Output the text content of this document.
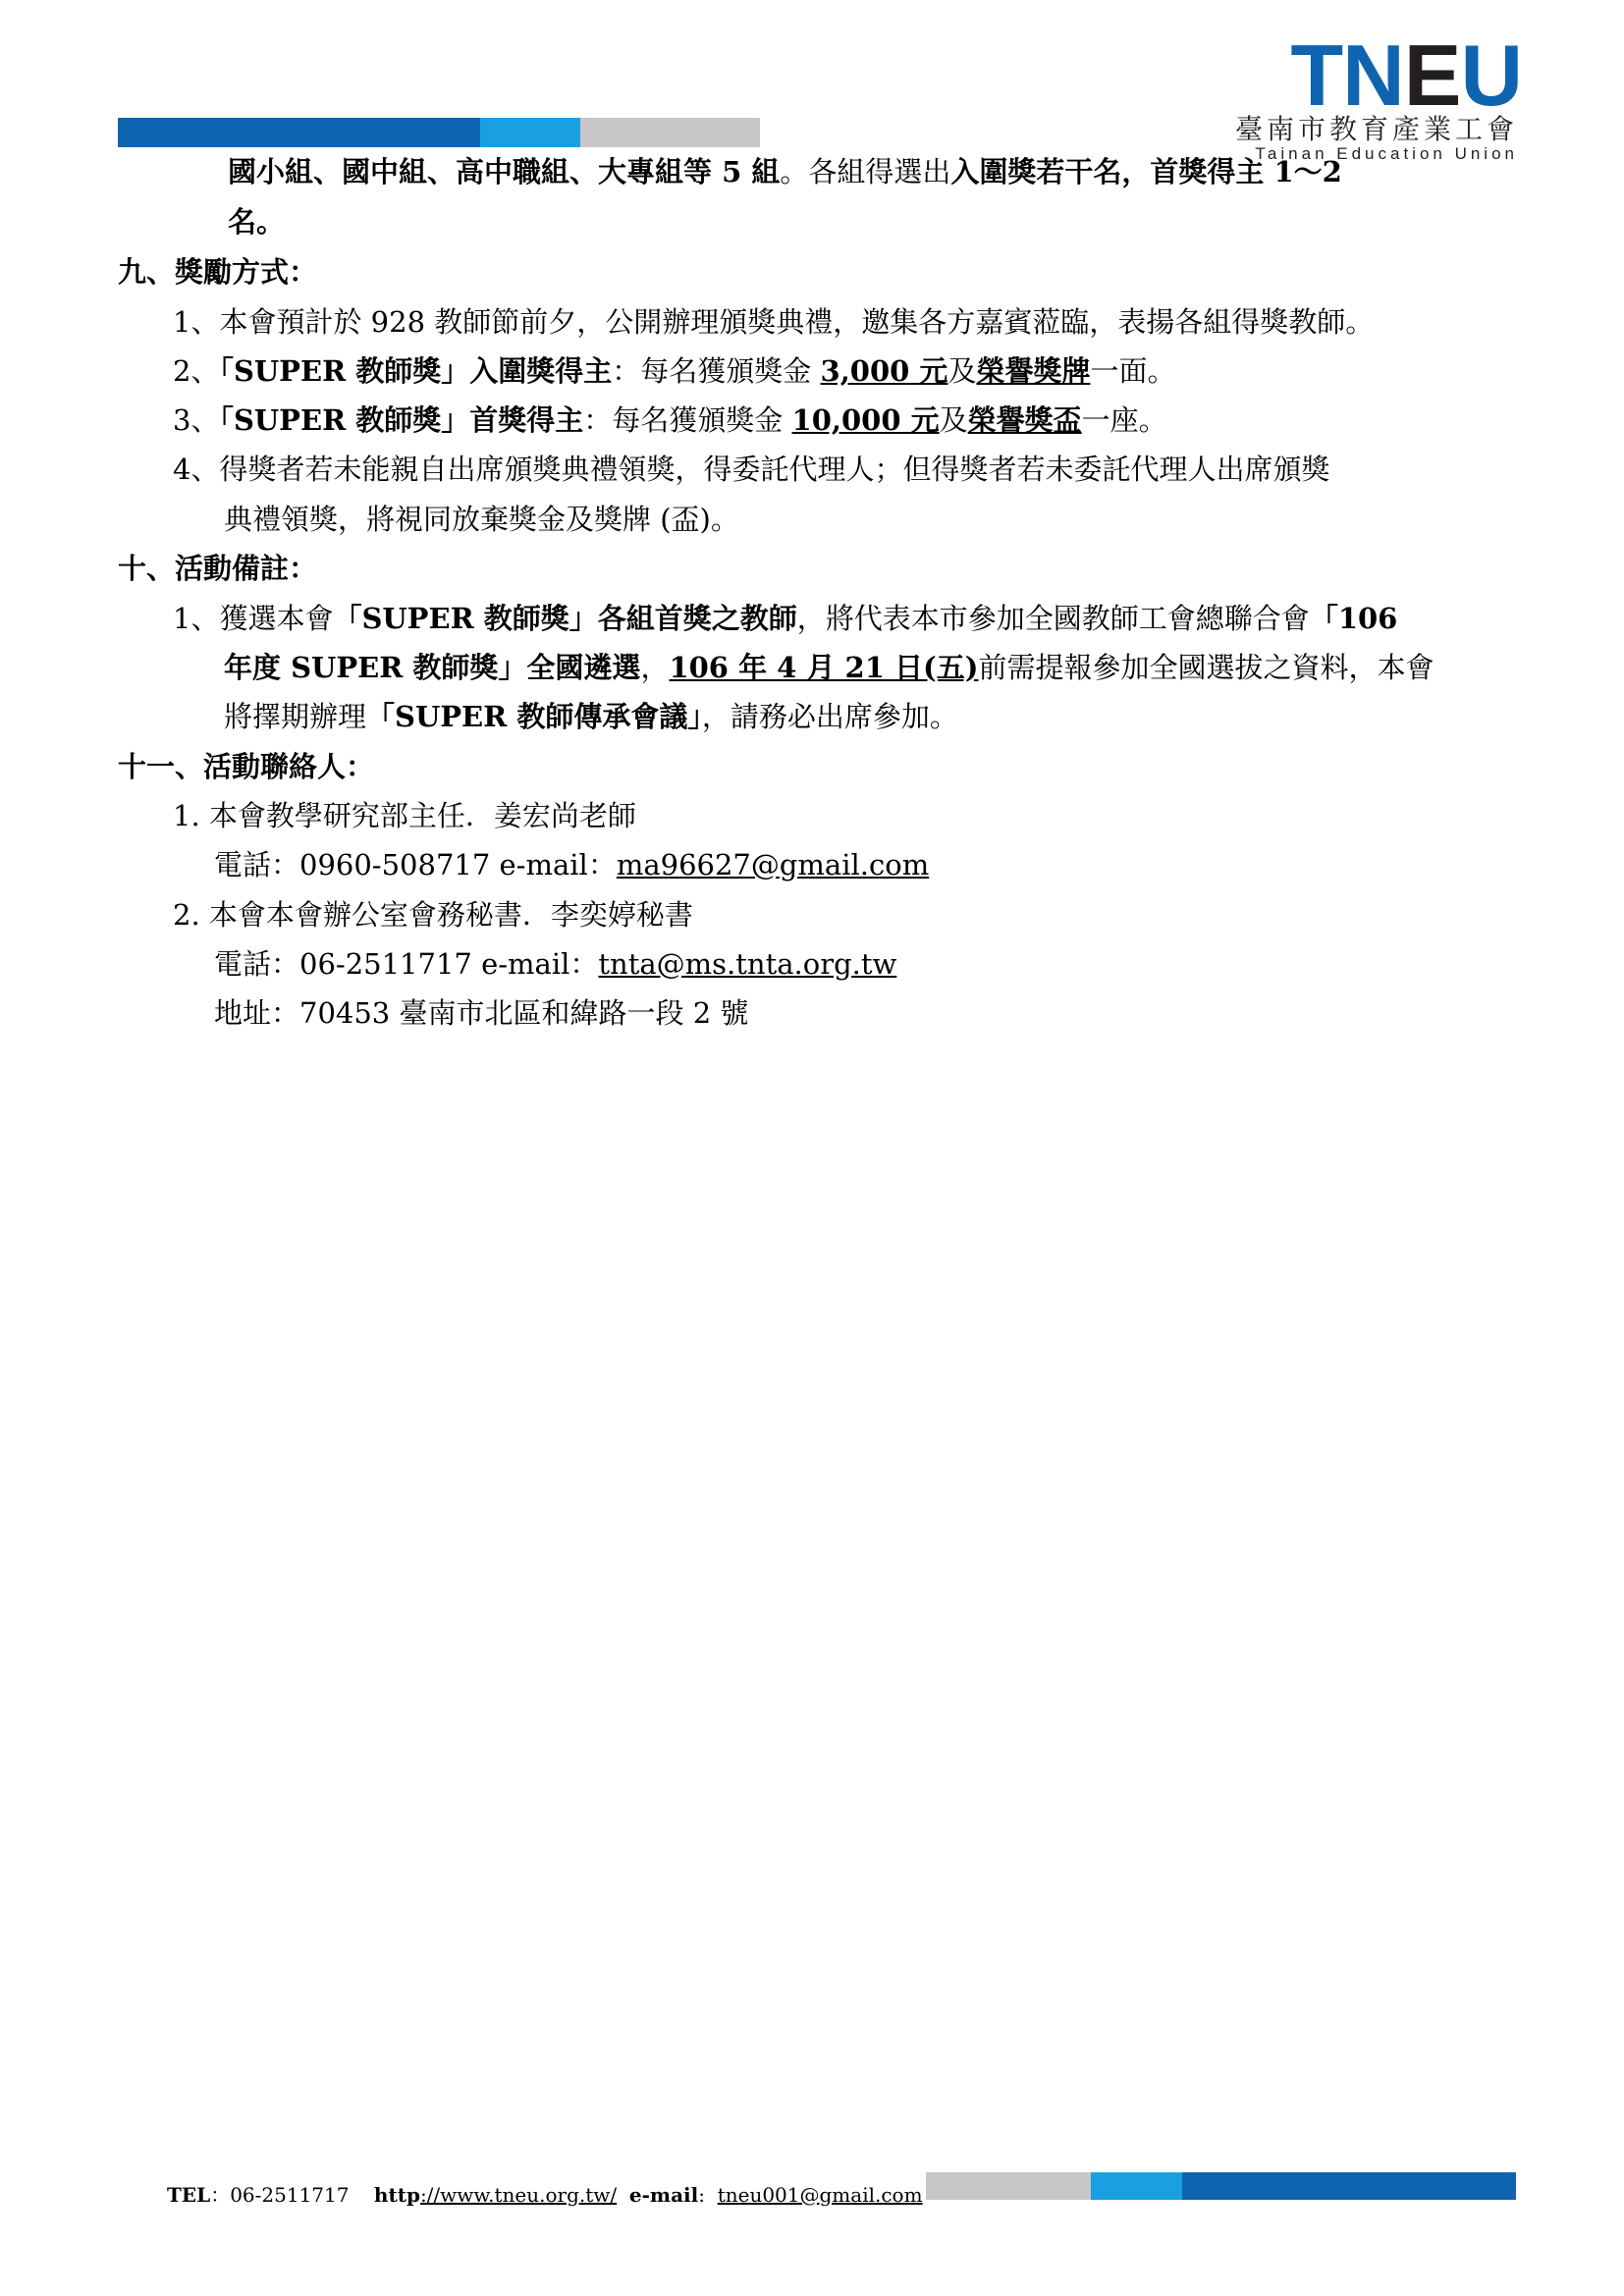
TNEU
臺南市教育產業工會
Tainan Education Union
國小組、國中組、高中職組、大專組等 5 組。各組得選出入圍獎若干名，首獎得主 1～2
名。
九、獎勵方式：
1、本會預計於 928 教師節前夕，公開辦理頒獎典禮，邀集各方嘉賓蒞臨，表揚各組得獎教師。
2、「SUPER 教師獎」入圍獎得主：每名獲頒獎金 3,000 元及榮譽獎牌一面。
3、「SUPER 教師獎」首獎得主：每名獲頒獎金 10,000 元及榮譽獎盃一座。
4、得獎者若未能親自出席頒獎典禮領獎，得委託代理人；但得獎者若未委託代理人出席頒獎
典禮領獎，將視同放棄獎金及獎牌 (盃)。
十、活動備註：
1、獲選本會「SUPER 教師獎」各組首獎之教師，將代表本市參加全國教師工會總聯合會「106
年度 SUPER 教師獎」全國遴選，106 年 4 月 21 日(五)前需提報參加全國選拔之資料，本會
將擇期辦理「SUPER 教師傳承會議」，請務必出席參加。
十一、活動聯絡人：
1. 本會教學研究部主任．姜宏尚老師
電話：0960-508717 e-mail：ma96627@gmail.com
2. 本會本會辦公室會務秘書．李奕婷秘書
電話：06-2511717 e-mail：tnta@ms.tnta.org.tw
地址：70453 臺南市北區和緯路一段 2 號
TEL：06-2511717 http://www.tneu.org.tw/ e-mail: tneu001@gmail.com
